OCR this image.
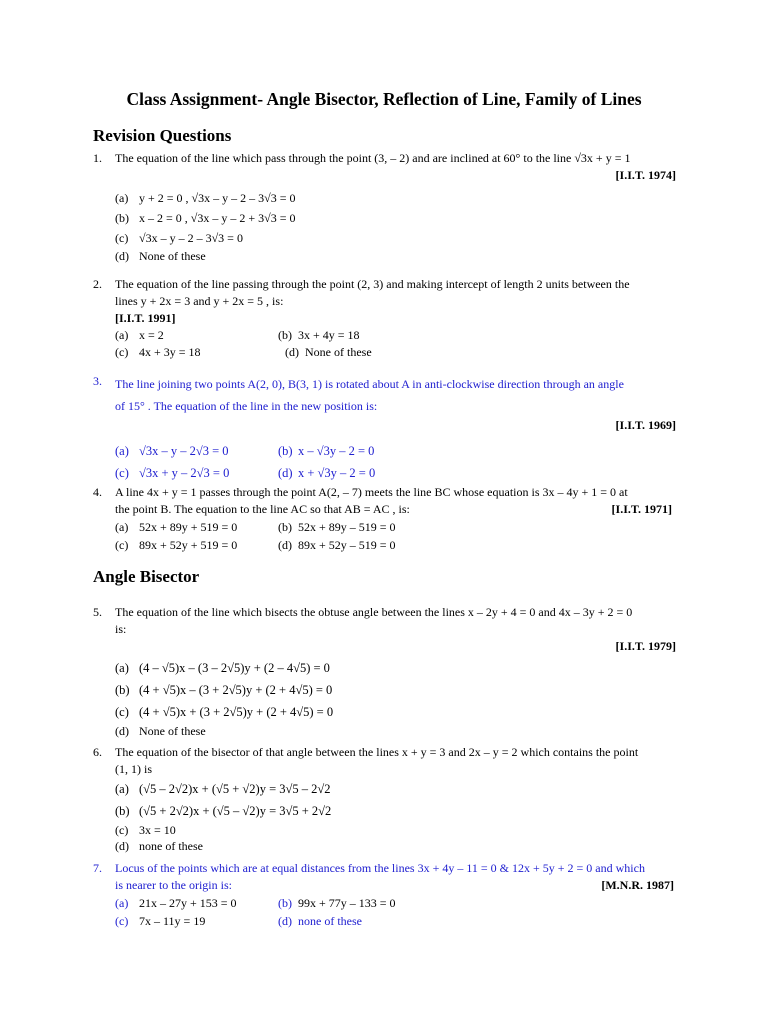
Class Assignment- Angle Bisector, Reflection of Line, Family of Lines
Revision Questions
1. The equation of the line which pass through the point (3, – 2) and are inclined at 60° to the line √3x + y = 1
[I.I.T. 1974]
(a) y + 2 = 0 , √3x – y – 2 – 3√3 = 0
(b) x – 2 = 0 , √3x – y – 2 + 3√3 = 0
(c) √3x – y – 2 – 3√3 = 0
(d) None of these
2. The equation of the line passing through the point (2, 3) and making intercept of length 2 units between the
lines y + 2x = 3 and y + 2x = 5 , is:
[I.I.T. 1991]
(a) x = 2	(b) 3x + 4y = 18
(c) 4x + 3y = 18	(d) None of these
3. The line joining two points A(2, 0), B(3, 1) is rotated about A in anti-clockwise direction through an angle
of 15° . The equation of the line in the new position is:
[I.I.T. 1969]
(a) √3x – y – 2√3 = 0	(b) x – √3y – 2 = 0
(c) √3x + y – 2√3 = 0	(d) x + √3y – 2 = 0
4. A line 4x + y = 1 passes through the point A(2, – 7) meets the line BC whose equation is 3x – 4y + 1 = 0 at
the point B. The equation to the line AC so that AB = AC , is:	[I.I.T. 1971]
(a) 52x + 89y + 519 = 0	(b) 52x + 89y – 519 = 0
(c) 89x + 52y + 519 = 0	(d) 89x + 52y – 519 = 0
Angle Bisector
5. The equation of the line which bisects the obtuse angle between the lines x – 2y + 4 = 0 and 4x – 3y + 2 = 0
is:
[I.I.T. 1979]
(a) (4 – √5)x – (3 – 2√5)y + (2 – 4√5) = 0
(b) (4 + √5)x – (3 + 2√5)y + (2 + 4√5) = 0
(c) (4 + √5)x + (3 + 2√5)y + (2 + 4√5) = 0
(d) None of these
6. The equation of the bisector of that angle between the lines x + y = 3 and 2x – y = 2 which contains the point
(1, 1) is
(a) (√5 – 2√2)x + (√5 + √2)y = 3√5 – 2√2
(b) (√5 + 2√2)x + (√5 – √2)y = 3√5 + 2√2
(c) 3x = 10
(d) none of these
7. Locus of the points which are at equal distances from the lines 3x + 4y – 11 = 0 & 12x + 5y + 2 = 0 and which
is nearer to the origin is:	[M.N.R. 1987]
(a) 21x – 27y + 153 = 0	(b) 99x + 77y – 133 = 0
(c) 7x – 11y = 19	(d) none of these
